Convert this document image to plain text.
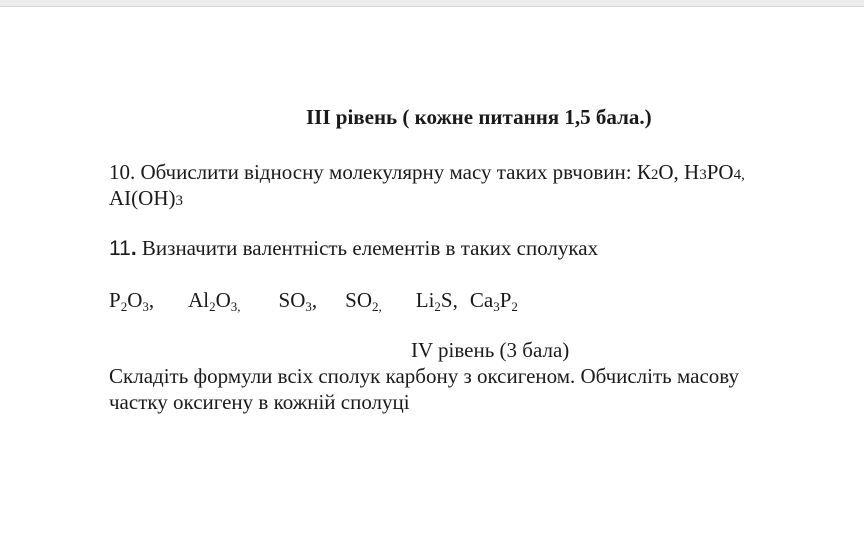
III рівень ( кожне питання 1,5 бала.)
10. Обчислити відносну молекулярну масу таких рвчовин: К2O, H3PO4,
AI(OH)3
11. Визначити валентність елементів в таких сполуках
$P_2O_3$, $Al_2O_{3,}$ $SO_3$, $SO_{2,}$ $Li_2S$, $Ca_3P_2$
IV рівень (3 бала)
Складіть формули всіх сполук карбону з оксигеном. Обчисліть масову
частку оксигену в кожній сполуці
